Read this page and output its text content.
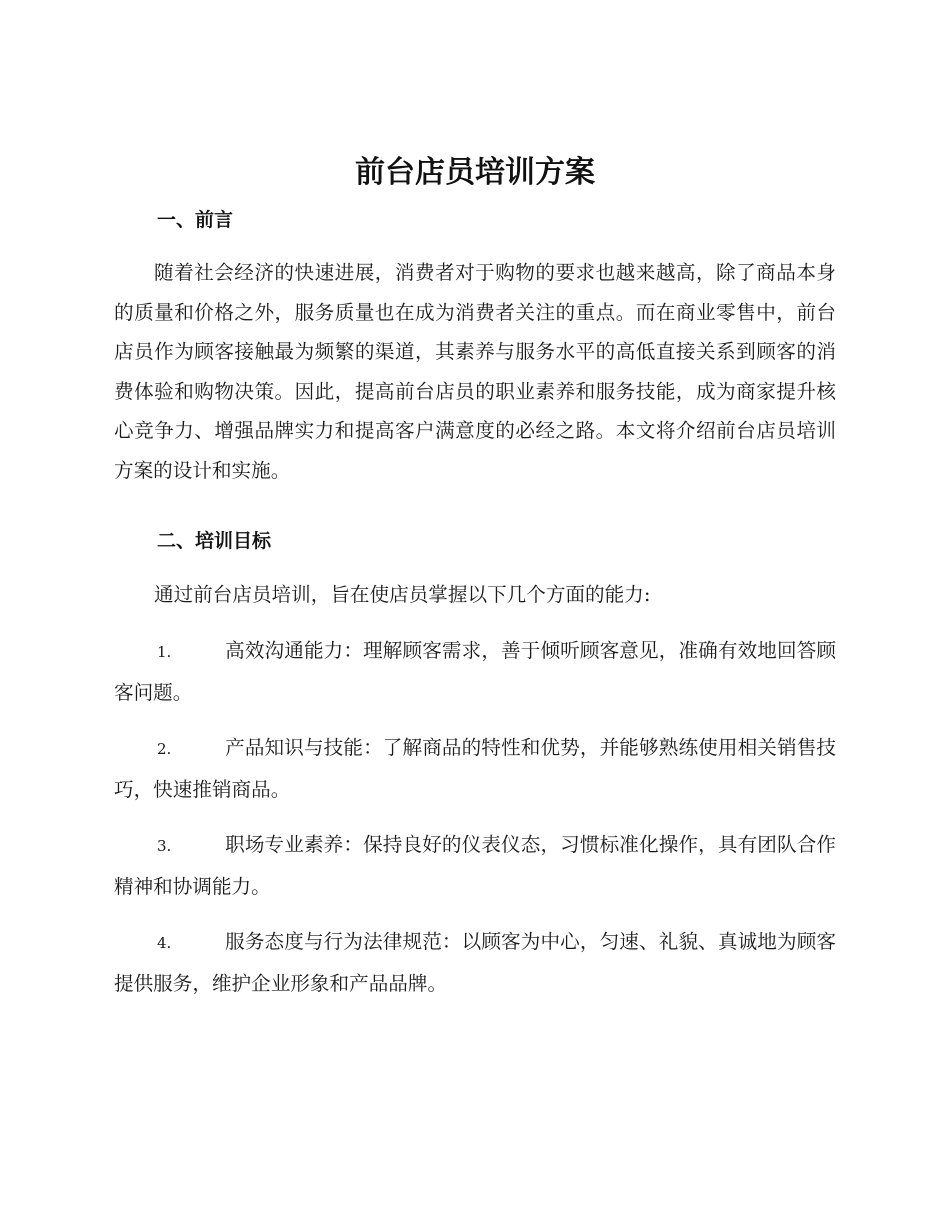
前台店员培训方案
一、前言
随着社会经济的快速进展，消费者对于购物的要求也越来越高，除了商品本身的质量和价格之外，服务质量也在成为消费者关注的重点。而在商业零售中，前台店员作为顾客接触最为频繁的渠道，其素养与服务水平的高低直接关系到顾客的消费体验和购物决策。因此，提高前台店员的职业素养和服务技能，成为商家提升核心竞争力、增强品牌实力和提高客户满意度的必经之路。本文将介绍前台店员培训方案的设计和实施。
二、培训目标
通过前台店员培训，旨在使店员掌握以下几个方面的能力:
1.	高效沟通能力：理解顾客需求，善于倾听顾客意见，准确有效地回答顾客问题。
2.	产品知识与技能：了解商品的特性和优势，并能够熟练使用相关销售技巧，快速推销商品。
3.	职场专业素养：保持良好的仪表仪态，习惯标准化操作，具有团队合作精神和协调能力。
4.	服务态度与行为法律规范：以顾客为中心，匀速、礼貌、真诚地为顾客提供服务，维护企业形象和产品品牌。
